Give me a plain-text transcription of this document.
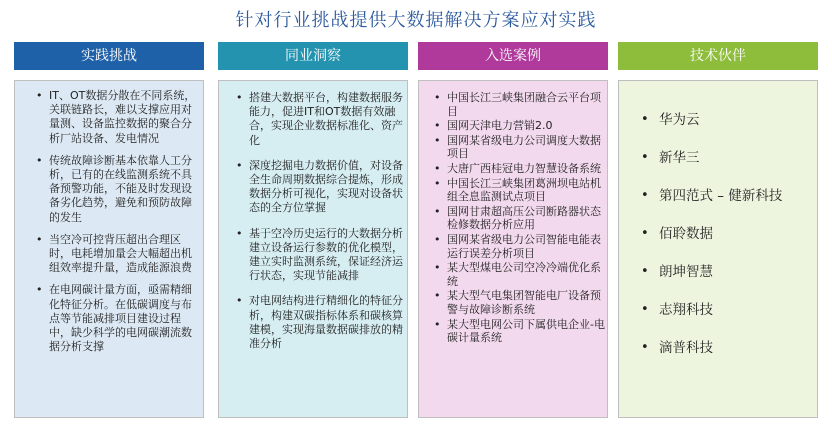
针对行业挑战提供大数据解决方案应对实践
实践挑战
• IT、OT数据分散在不同系统，关联链路长，难以支撑应用对量测、设备监控数据的聚合分析厂站设备、发电情况
• 传统故障诊断基本依靠人工分析，已有的在线监测系统不具备预警功能，不能及时发现设备劣化趋势，避免和预防故障的发生
• 当空冷可控背压超出合理区时，电耗增加量会大幅超出机组效率提升量，造成能源浪费
• 在电网碳计量方面，亟需精细化特征分析。在低碳调度与布点等节能减排项目建设过程中，缺少科学的电网碳潮流数据分析支撑
同业洞察
• 搭建大数据平台，构建数据服务能力，促进IT和OT数据有效融合，实现企业数据标准化、资产化
• 深度挖掘电力数据价值，对设备全生命周期数据综合提炼，形成数据分析可视化，实现对设备状态的全方位掌握
• 基于空冷历史运行的大数据分析建立设备运行参数的优化模型，建立实时监测系统，保证经济运行状态，实现节能减排
• 对电网结构进行精细化的特征分析，构建双碳指标体系和碳核算建模，实现海量数据碳排放的精准分析
入选案例
• 中国长江三峡集团融合云平台项目
• 国网天津电力营销2.0
• 国网某省级电力公司调度大数据项目
• 大唐广西桂冠电力智慧设备系统
• 中国长江三峡集团葛洲坝电站机组全息监测试点项目
• 国网甘肃超高压公司断路器状态检修数据分析应用
• 国网某省级电力公司智能电能表运行误差分析项目
• 某大型煤电公司空冷冷端优化系统
• 某大型气电集团智能电厂设备预警与故障诊断系统
• 某大型电网公司下属供电企业-电碳计量系统
技术伙伴
• 华为云
• 新华三
• 第四范式 – 健新科技
• 佰聆数据
• 朗坤智慧
• 志翔科技
• 滴普科技
